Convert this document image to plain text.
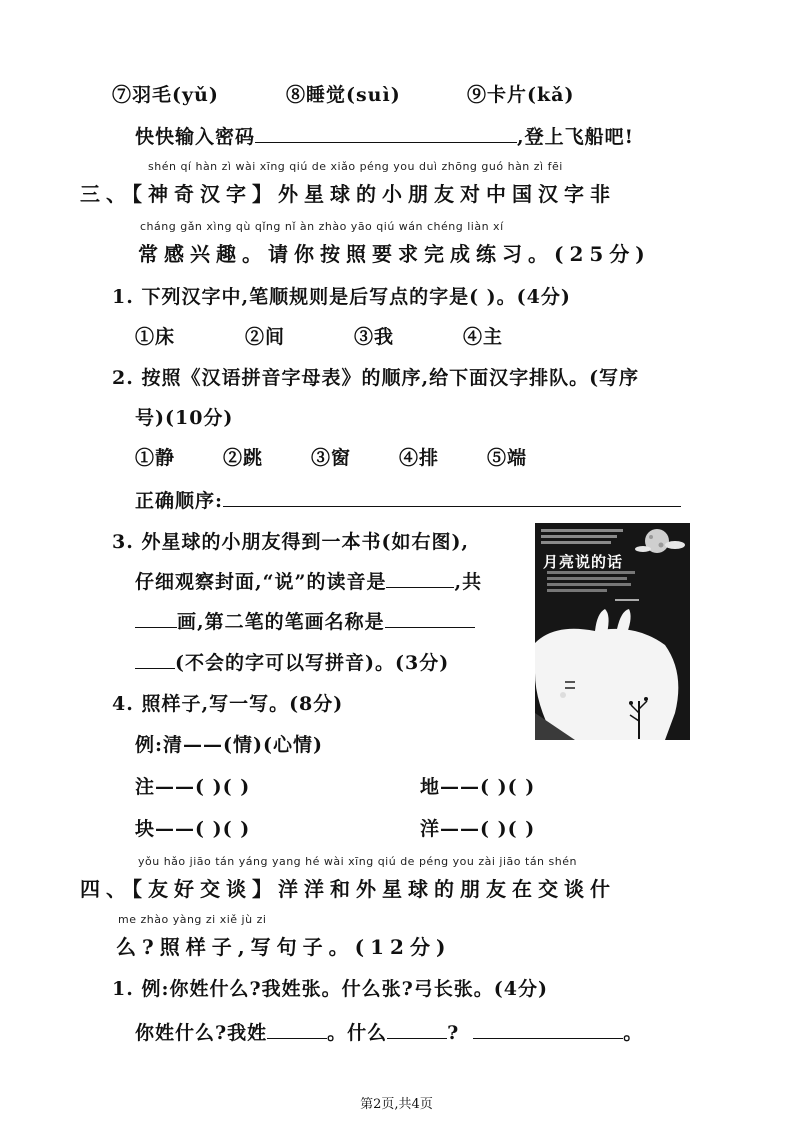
⑦羽毛(yǔ)	⑧睡觉(suì)	⑨卡片(kǎ)
快快输入密码	,登上飞船吧!
shén qí hàn zì wài xīng qiú de xiǎo péng you duì zhōng guó hàn zì fēi
三、【神奇汉字】外星球的小朋友对中国汉字非
cháng gǎn xìng qù qǐng nǐ àn zhào yāo qiú wán chéng liàn xí
常感兴趣。请你按照要求完成练习。(25分)
1. 下列汉字中,笔顺规则是后写点的字是( )。(4分)
①床	②间	③我	④主
2. 按照《汉语拼音字母表》的顺序,给下面汉字排队。(写序
号)(10分)
①静	②跳	③窗	④排	⑤端
正确顺序:
3. 外星球的小朋友得到一本书(如右图),
仔细观察封面,“说”的读音是	,共
画,第二笔的笔画名称是
(不会的字可以写拼音)。(3分)
月亮说的话
4. 照样子,写一写。(8分)
例:清——(情)(心情)
注——( )( )	地——( )( )
块——( )( )	洋——( )( )
yǒu hǎo jiāo tán yáng yang hé wài xīng qiú de péng you zài jiāo tán shén
四、【友好交谈】洋洋和外星球的朋友在交谈什
me zhào yàng zi xiě jù zi
么?照样子,写句子。(12分)
1. 例:你姓什么?我姓张。什么张?弓长张。(4分)
你姓什么?我姓	。什么	?	。
第2页,共4页
